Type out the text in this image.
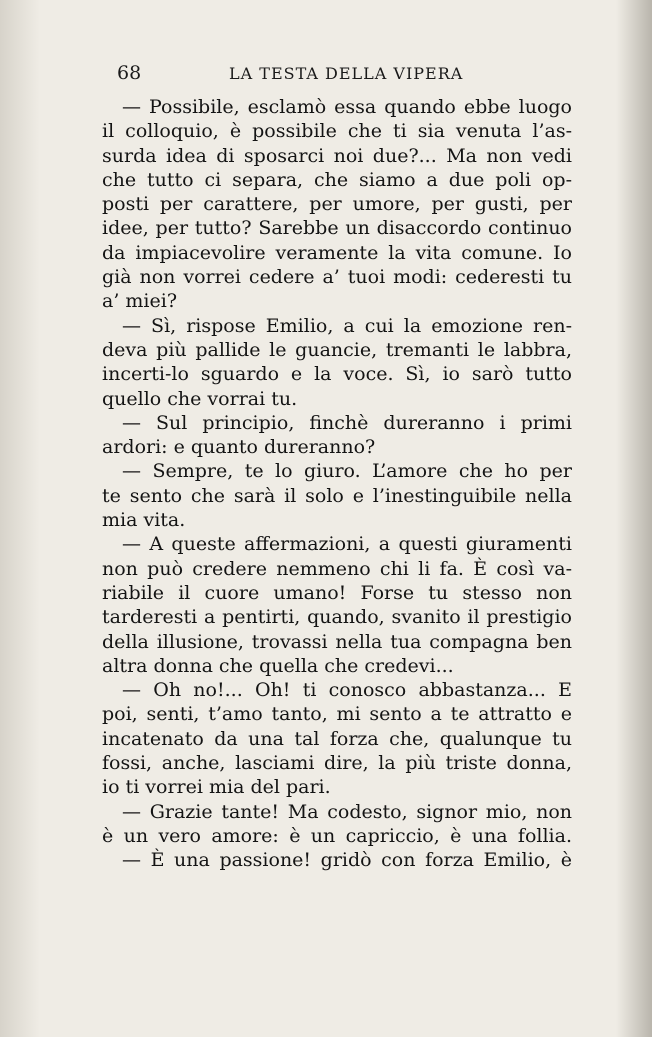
68	LA TESTA DELLA VIPERA
— Possibile, esclamò essa quando ebbe luogo
il colloquio, è possibile che ti sia venuta l’as-
surda idea di sposarci noi due?... Ma non vedi
che tutto ci separa, che siamo a due poli op-
posti per carattere, per umore, per gusti, per
idee, per tutto? Sarebbe un disaccordo continuo
da impiacevolire veramente la vita comune. Io
già non vorrei cedere a’ tuoi modi: cederesti tu
a’ miei?
— Sì, rispose Emilio, a cui la emozione ren-
deva più pallide le guancie, tremanti le labbra,
incerti-lo sguardo e la voce. Sì, io sarò tutto
quello che vorrai tu.
— Sul principio, finchè dureranno i primi
ardori: e quanto dureranno?
— Sempre, te lo giuro. L’amore che ho per
te sento che sarà il solo e l’inestinguibile nella
mia vita.
— A queste affermazioni, a questi giuramenti
non può credere nemmeno chi li fa. È così va-
riabile il cuore umano! Forse tu stesso non
tarderesti a pentirti, quando, svanito il prestigio
della illusione, trovassi nella tua compagna ben
altra donna che quella che credevi...
— Oh no!... Oh! ti conosco abbastanza... E
poi, senti, t’amo tanto, mi sento a te attratto e
incatenato da una tal forza che, qualunque tu
fossi, anche, lasciami dire, la più triste donna,
io ti vorrei mia del pari.
— Grazie tante! Ma codesto, signor mio, non
è un vero amore: è un capriccio, è una follia.
— È una passione! gridò con forza Emilio, è
